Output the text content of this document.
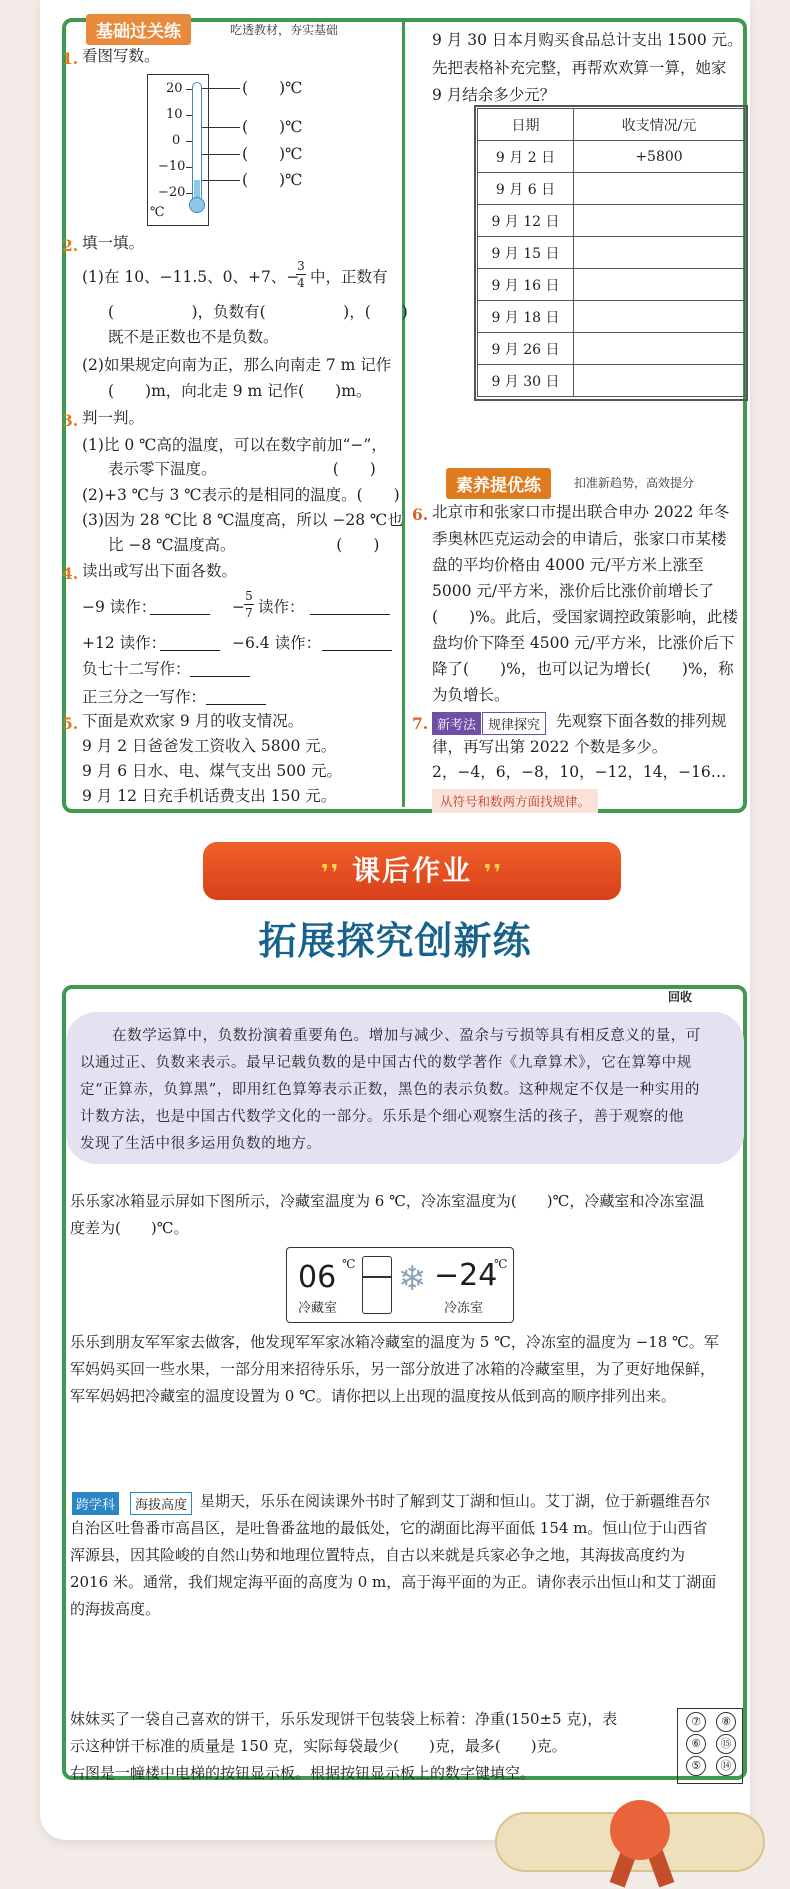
基础过关练	吃透教材，夯实基础
1. 看图写数。
20
10
0
−10
−20
℃
(　　)℃
(　　)℃
(　　)℃
(　　)℃
2. 填一填。
(1)在 10、−11.5、0、+7、−
3
4 中，正数有
(　　　　　)，负数有(　　　　　)，(　　)
既不是正数也不是负数。
(2)如果规定向南为正，那么向南走 7 m 记作
(　　)m，向北走 9 m 记作(　　)m。
3. 判一判。
(1)比 0 ℃高的温度，可以在数字前加“−”，
表示零下温度。　　　　　　　　(　　)
(2)+3 ℃与 3 ℃表示的是相同的温度。(　　)
(3)因为 28 ℃比 8 ℃温度高，所以 −28 ℃也
比 −8 ℃温度高。　　　　　　　(　　)
4. 读出或写出下面各数。
−9 读作：	−
5
7 读作：
+12 读作：	−6.4 读作：
负七十二写作：
正三分之一写作：
5. 下面是欢欢家 9 月的收支情况。
9 月 2 日爸爸发工资收入 5800 元。
9 月 6 日水、电、煤气支出 500 元。
9 月 12 日充手机话费支出 150 元。
9 月 30 日本月购买食品总计支出 1500 元。
先把表格补充完整，再帮欢欢算一算，她家
9 月结余多少元？
日期	收支情况/元
9 月 2 日	+5800
9 月 6 日	
9 月 12 日	
9 月 15 日	
9 月 16 日	
9 月 18 日	
9 月 26 日	
9 月 30 日	
素养提优练	扣准新趋势，高效提分
6. 北京市和张家口市提出联合申办 2022 年冬
季奥林匹克运动会的申请后，张家口市某楼
盘的平均价格由 4000 元/平方米上涨至
5000 元/平方米，涨价后比涨价前增长了
(　　)%。此后，受国家调控政策影响，此楼
盘均价下降至 4500 元/平方米，比涨价后下
降了(　　)%，也可以记为增长(　　)%，称
为负增长。
7. 新考法 规律探究	先观察下面各数的排列规
律，再写出第 2022 个数是多少。
2，−4，6，−8，10，−12，14，−16…
从符号和数两方面找规律。
❜❜ 课后作业 ❜❜
拓展探究创新练
回收
在数学运算中，负数扮演着重要角色。增加与减少、盈余与亏损等具有相反意义的量，可
以通过正、负数来表示。最早记载负数的是中国古代的数学著作《九章算术》，它在算筹中规
定“正算赤，负算黑”，即用红色算筹表示正数，黑色的表示负数。这种规定不仅是一种实用的
计数方法，也是中国古代数学文化的一部分。乐乐是个细心观察生活的孩子，善于观察的他
发现了生活中很多运用负数的地方。
乐乐家冰箱显示屏如下图所示，冷藏室温度为 6 ℃，冷冻室温度为(　　)℃，冷藏室和冷冻室温
度差为(　　)℃。
06 ℃
冷藏室
❄ −24
℃
冷冻室
乐乐到朋友军军家去做客，他发现军军家冰箱冷藏室的温度为 5 ℃，冷冻室的温度为 −18 ℃。军
军妈妈买回一些水果，一部分用来招待乐乐，另一部分放进了冰箱的冷藏室里，为了更好地保鲜，
军军妈妈把冷藏室的温度设置为 0 ℃。请你把以上出现的温度按从低到高的顺序排列出来。
跨学科	海拔高度 星期天，乐乐在阅读课外书时了解到艾丁湖和恒山。艾丁湖，位于新疆维吾尔
自治区吐鲁番市高昌区，是吐鲁番盆地的最低处，它的湖面比海平面低 154 m。恒山位于山西省
浑源县，因其险峻的自然山势和地理位置特点，自古以来就是兵家必争之地，其海拔高度约为
2016 米。通常，我们规定海平面的高度为 0 m，高于海平面的为正。请你表示出恒山和艾丁湖面
的海拔高度。
妹妹买了一袋自己喜欢的饼干，乐乐发现饼干包装袋上标着：净重(150±5 克)，表
示这种饼干标准的质量是 150 克，实际每袋最少(　　)克，最多(　　)克。
右图是一幢楼中电梯的按钮显示板。根据按钮显示板上的数字键填空。
⑦	⑧
⑥	⑮
⑤	⑭
